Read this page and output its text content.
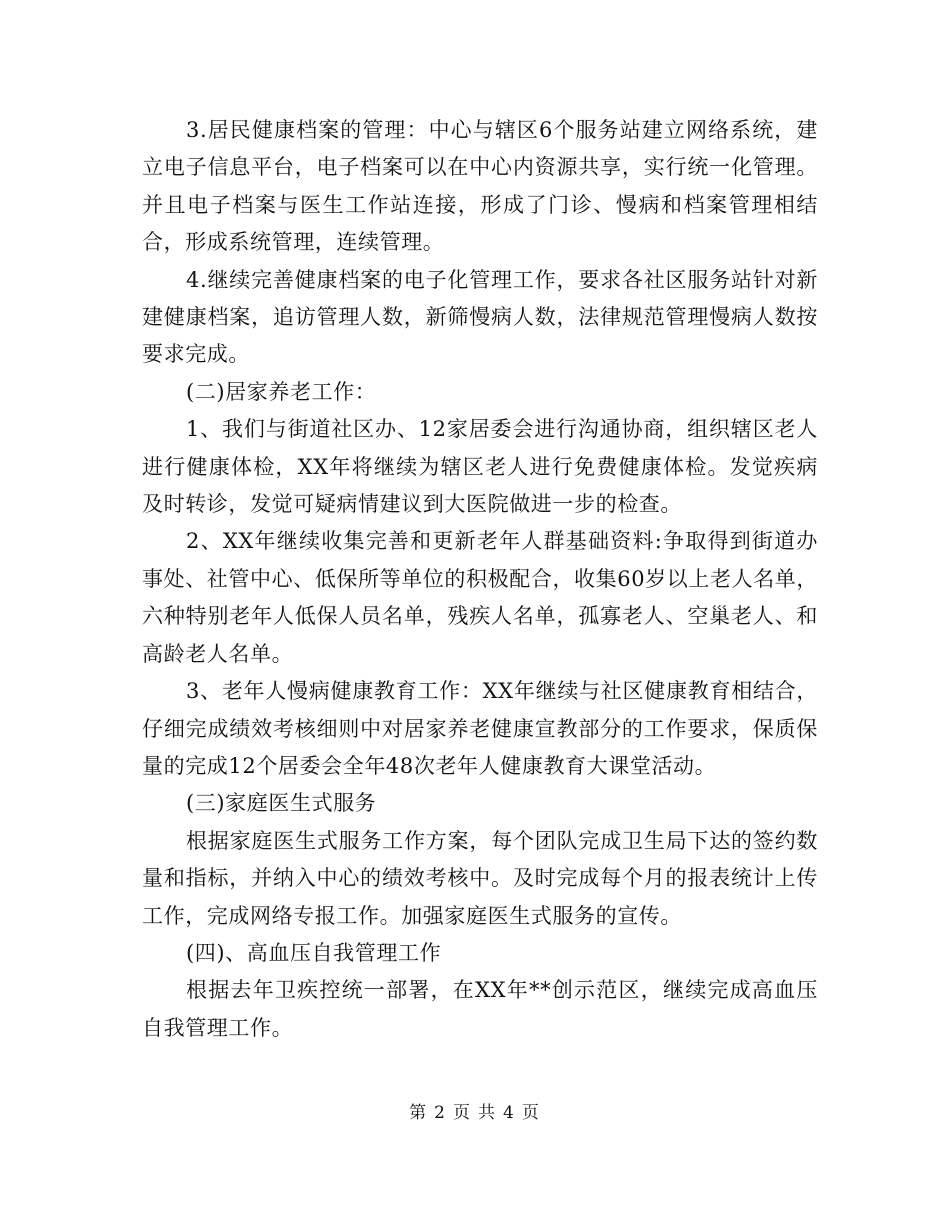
3.居民健康档案的管理：中心与辖区6个服务站建立网络系统，建立电子信息平台，电子档案可以在中心内资源共享，实行统一化管理。并且电子档案与医生工作站连接，形成了门诊、慢病和档案管理相结合，形成系统管理，连续管理。

4.继续完善健康档案的电子化管理工作，要求各社区服务站针对新建健康档案，追访管理人数，新筛慢病人数，法律规范管理慢病人数按要求完成。

(二)居家养老工作：

1、我们与街道社区办、12家居委会进行沟通协商，组织辖区老人进行健康体检，XX年将继续为辖区老人进行免费健康体检。发觉疾病及时转诊，发觉可疑病情建议到大医院做进一步的检查。

2、XX年继续收集完善和更新老年人群基础资料:争取得到街道办事处、社管中心、低保所等单位的积极配合，收集60岁以上老人名单，六种特别老年人低保人员名单，残疾人名单，孤寡老人、空巢老人、和高龄老人名单。

3、老年人慢病健康教育工作：XX年继续与社区健康教育相结合，仔细完成绩效考核细则中对居家养老健康宣教部分的工作要求，保质保量的完成12个居委会全年48次老年人健康教育大课堂活动。

(三)家庭医生式服务

根据家庭医生式服务工作方案，每个团队完成卫生局下达的签约数量和指标，并纳入中心的绩效考核中。及时完成每个月的报表统计上传工作，完成网络专报工作。加强家庭医生式服务的宣传。

(四)、高血压自我管理工作

根据去年卫疾控统一部署，在XX年**创示范区，继续完成高血压自我管理工作。

第 2 页 共 4 页
